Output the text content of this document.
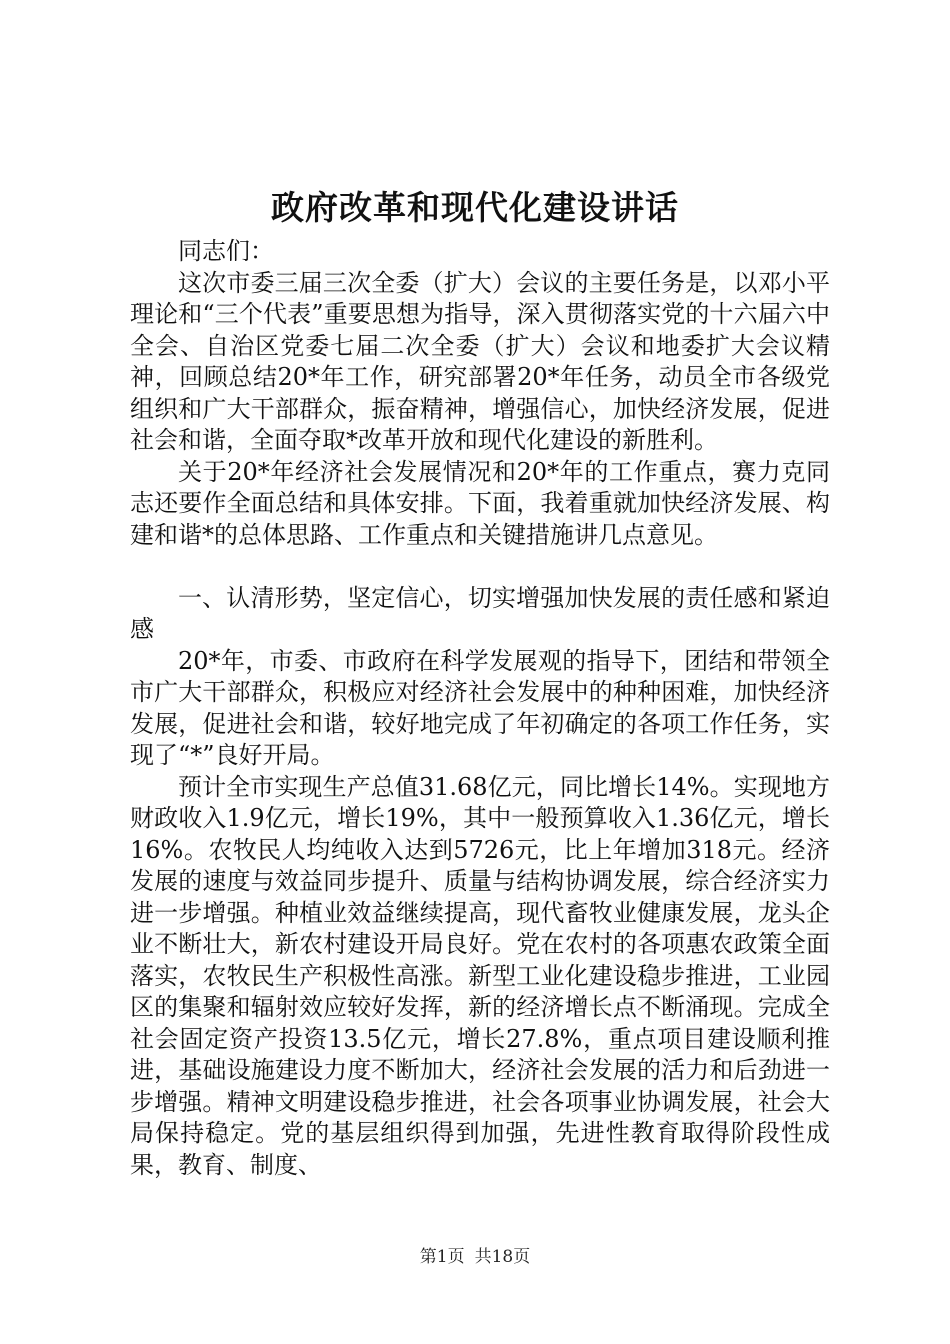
政府改革和现代化建设讲话

同志们：

这次市委三届三次全委（扩大）会议的主要任务是，以邓小平理论和“三个代表”重要思想为指导，深入贯彻落实党的十六届六中全会、自治区党委七届二次全委（扩大）会议和地委扩大会议精神，回顾总结20*年工作，研究部署20*年任务，动员全市各级党组织和广大干部群众，振奋精神，增强信心，加快经济发展，促进社会和谐，全面夺取*改革开放和现代化建设的新胜利。

关于20*年经济社会发展情况和20*年的工作重点，赛力克同志还要作全面总结和具体安排。下面，我着重就加快经济发展、构建和谐*的总体思路、工作重点和关键措施讲几点意见。

一、认清形势，坚定信心，切实增强加快发展的责任感和紧迫感

20*年，市委、市政府在科学发展观的指导下，团结和带领全市广大干部群众，积极应对经济社会发展中的种种困难，加快经济发展，促进社会和谐，较好地完成了年初确定的各项工作任务，实现了“*”良好开局。

预计全市实现生产总值31.68亿元，同比增长14%。实现地方财政收入1.9亿元，增长19%，其中一般预算收入1.36亿元，增长16%。农牧民人均纯收入达到5726元，比上年增加318元。经济发展的速度与效益同步提升、质量与结构协调发展，综合经济实力进一步增强。种植业效益继续提高，现代畜牧业健康发展，龙头企业不断壮大，新农村建设开局良好。党在农村的各项惠农政策全面落实，农牧民生产积极性高涨。新型工业化建设稳步推进，工业园区的集聚和辐射效应较好发挥，新的经济增长点不断涌现。完成全社会固定资产投资13.5亿元，增长27.8%，重点项目建设顺利推进，基础设施建设力度不断加大，经济社会发展的活力和后劲进一步增强。精神文明建设稳步推进，社会各项事业协调发展，社会大局保持稳定。党的基层组织得到加强，先进性教育取得阶段性成果，教育、制度、

第1页 共18页
